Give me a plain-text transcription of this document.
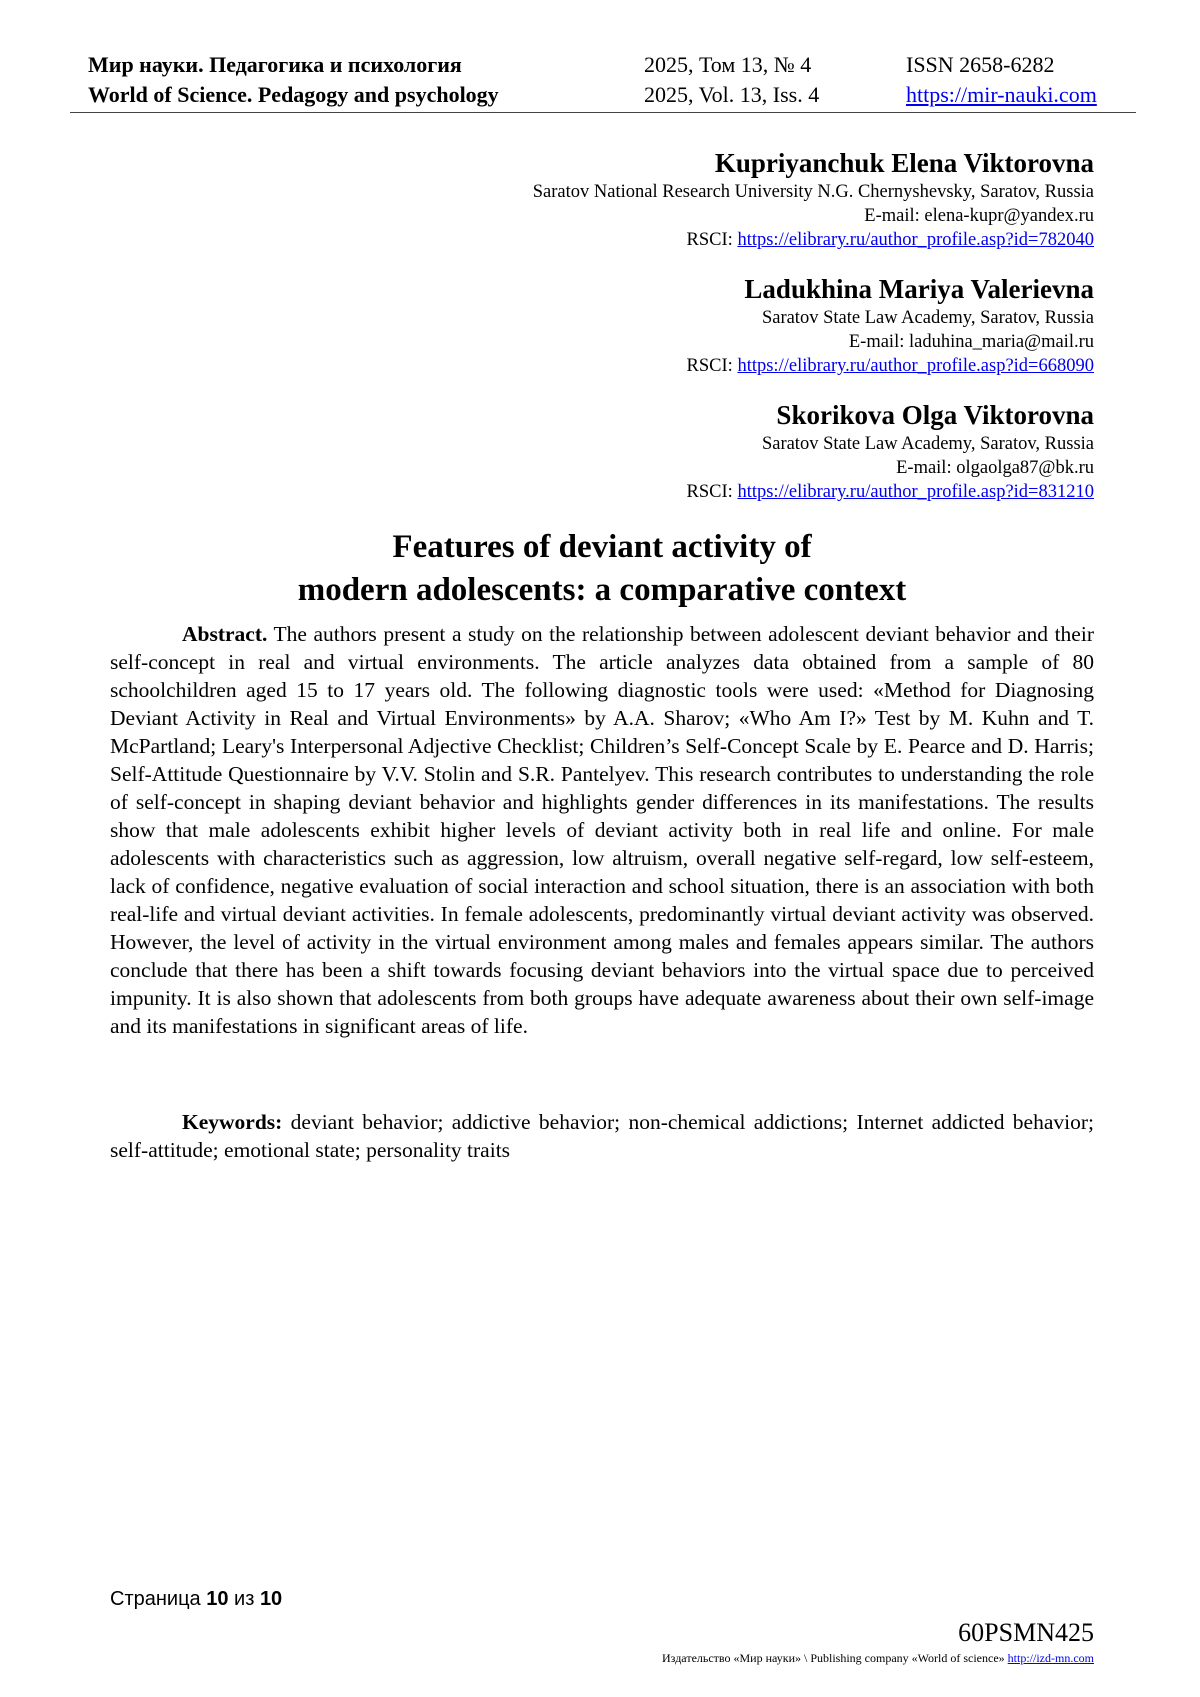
Мир науки. Педагогика и психология
World of Science. Pedagogy and psychology
2025, Том 13, № 4
2025, Vol. 13, Iss. 4
ISSN 2658-6282
https://mir-nauki.com
Kupriyanchuk Elena Viktorovna
Saratov National Research University N.G. Chernyshevsky, Saratov, Russia
E-mail: elena-kupr@yandex.ru
RSCI: https://elibrary.ru/author_profile.asp?id=782040
Ladukhina Mariya Valerievna
Saratov State Law Academy, Saratov, Russia
E-mail: laduhina_maria@mail.ru
RSCI: https://elibrary.ru/author_profile.asp?id=668090
Skorikova Olga Viktorovna
Saratov State Law Academy, Saratov, Russia
E-mail: olgaolga87@bk.ru
RSCI: https://elibrary.ru/author_profile.asp?id=831210
Features of deviant activity of
modern adolescents: a comparative context

Abstract. The authors present a study on the relationship between adolescent deviant behavior and their self-concept in real and virtual environments. The article analyzes data obtained from a sample of 80 schoolchildren aged 15 to 17 years old. The following diagnostic tools were used: «Method for Diagnosing Deviant Activity in Real and Virtual Environments» by A.A. Sharov; «Who Am I?» Test by M. Kuhn and T. McPartland; Leary's Interpersonal Adjective Checklist; Children’s Self-Concept Scale by E. Pearce and D. Harris; Self-Attitude Questionnaire by V.V. Stolin and S.R. Pantelyev. This research contributes to understanding the role of self-concept in shaping deviant behavior and highlights gender differences in its manifestations. The results show that male adolescents exhibit higher levels of deviant activity both in real life and online. For male adolescents with characteristics such as aggression, low altruism, overall negative self-regard, low self-esteem, lack of confidence, negative evaluation of social interaction and school situation, there is an association with both real-life and virtual deviant activities. In female adolescents, predominantly virtual deviant activity was observed. However, the level of activity in the virtual environment among males and females appears similar. The authors conclude that there has been a shift towards focusing deviant behaviors into the virtual space due to perceived impunity. It is also shown that adolescents from both groups have adequate awareness about their own self-image and its manifestations in significant areas of life.

Keywords: deviant behavior; addictive behavior; non-chemical addictions; Internet addicted behavior; self-attitude; emotional state; personality traits

Страница 10 из 10
60PSMN425
Издательство «Мир науки» \ Publishing company «World of science» http://izd-mn.com
